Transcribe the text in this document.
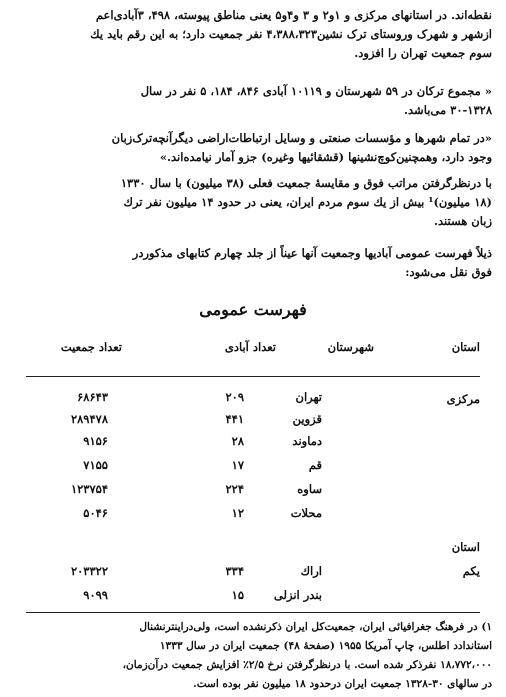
نقطه‌اند. در استانهای مرکزی و ۱و۲ و ۳ و۴و۵ یعنی مناطق پیوسته، ۴۹۸، ۳آبادی‌اعم
ازشهر و شهرک وروستای ترک نشین۴،۳۸۸،۳۲۳ نفر جمعیت دارد؛ به این رقم باید یك
سوم جمعیت تهران را افزود.

« مجموع ترکان در ۵۹ شهرستان و ۱۰۱۱۹ آبادی ۸۴۶، ۱۸۴، ۵ نفر در سال
۳۰-۱۳۲۸ می‌باشد.

«در تمام شهرها و مؤسسات صنعتی و وسایل ارتباطات‌اراضی دیگرآنچه‌ترک‌زبان
وجود دارد، وهمچنین‌کوچ‌نشینها (قشقائیها وغیره) جزو آمار نیامده‌اند.»

با درنظرگرفتن مراتب فوق و مقایسهٔ جمعیت فعلی (۳۸ میلیون) با سال ۱۳۳۰
(۱۸ میلیون)¹ بیش از یك سوم مردم ایران، یعنی در حدود ۱۴ میلیون نفر ترك
زبان هستند.

ذیلاً فهرست عمومی آبادیها وجمعیت آنها عیناً از جلد چهارم کتابهای مذکوردر
فوق نقل می‌شود:

فهرست عمومی
استان
شهرستان
تعداد آبادی
تعداد جمعیت
مرکزی
تهران
۲۰۹
۶۸۶۴۳
قزوین
۴۴۱
۲۸۹۴۷۸
دماوند
۲۸
۹۱۵۶
قم
۱۷
۷۱۵۵
ساوه
۲۲۴
۱۲۳۷۵۴
محلات
۱۲
۵۰۴۶
استان
یکم
اراك
۳۳۴
۲۰۳۳۲۲
بندر انزلی
۱۵
۹۰۹۹
۱) در فرهنگ جغرافیائی ایران، جمعیت‌کل ایران ذکرنشده است، ولی‌دراینترنشنال
استاندادد اطلس، چاپ آمریکا ۱۹۵۵ (صفحهٔ ۴۸) جمعیت ایران در سال ۱۳۳۳
۱۸،۷۷۲،۰۰۰ نفرذکر شده است. با درنظرگرفتن نرخ ۲/۵٪ افزایش جمعیت درآن‌زمان،
در سالهای ۳۰-۱۳۲۸ جمعیت ایران درحدود ۱۸ میلیون نفر بوده است.
